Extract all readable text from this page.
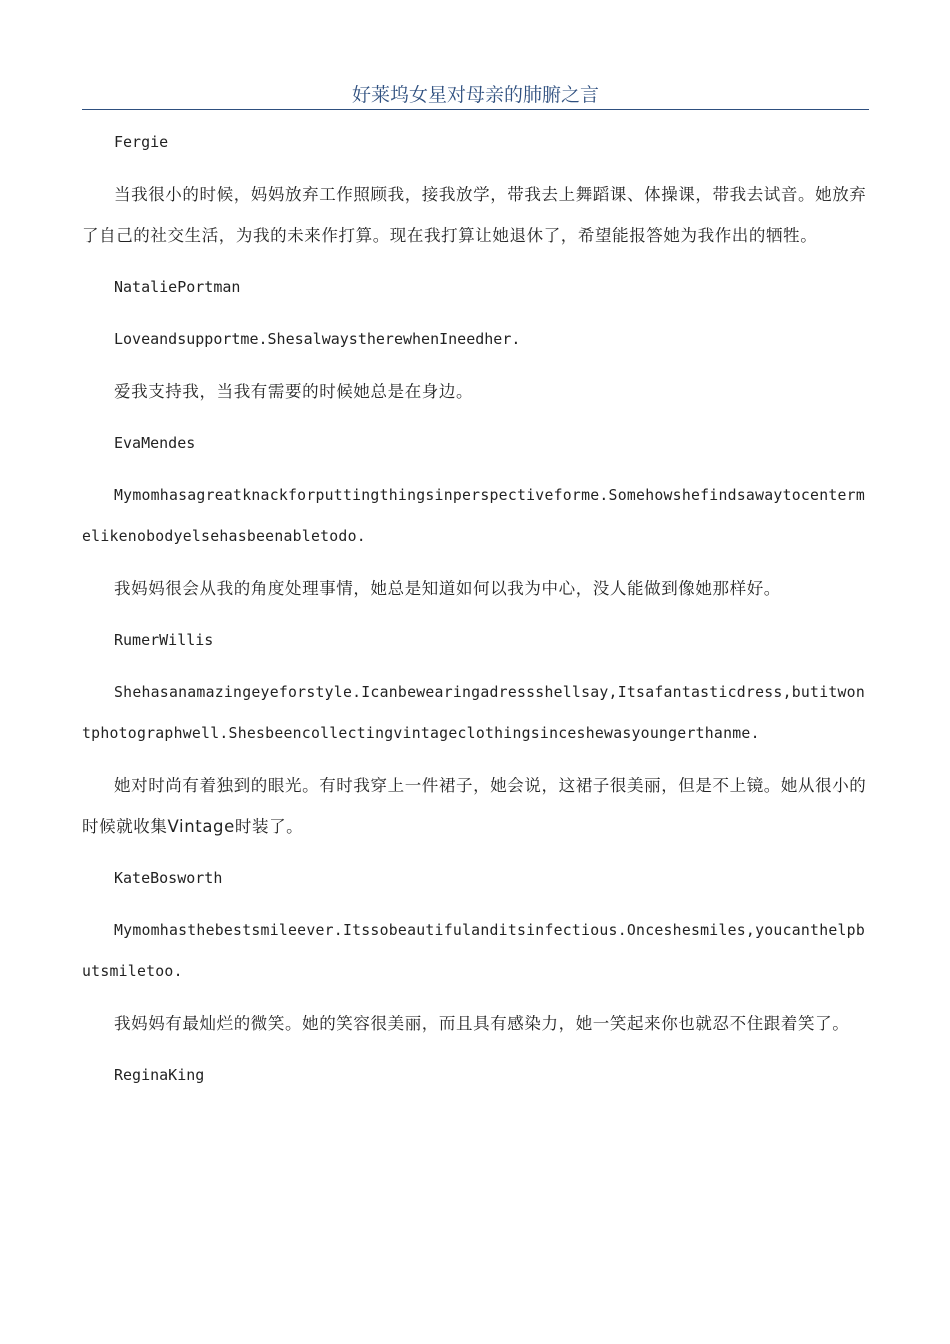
好莱坞女星对母亲的肺腑之言

Fergie

当我很小的时候，妈妈放弃工作照顾我，接我放学，带我去上舞蹈课、体操课，带我去试音。她放弃了自己的社交生活，为我的未来作打算。现在我打算让她退休了，希望能报答她为我作出的牺牲。

NataliePortman

Loveandsupportme.ShesalwaystherewhenIneedher.

爱我支持我，当我有需要的时候她总是在身边。

EvaMendes

Mymomhasagreatknackforputtingthingsinperspectiveforme.Somehowshefindsawaytocentermelikenobodyelsehasbeenabletodo.

我妈妈很会从我的角度处理事情，她总是知道如何以我为中心，没人能做到像她那样好。

RumerWillis

Shehasanamazingeyeforstyle.Icanbewearingadressshellsay,Itsafantasticdress,butitwontphotographwell.Shesbeencollectingvintageclothingsinceshewasyoungerthanme.

她对时尚有着独到的眼光。有时我穿上一件裙子，她会说，这裙子很美丽，但是不上镜。她从很小的时候就收集Vintage时装了。

KateBosworth

Mymomhasthebestsmileever.Itssobeautifulanditsinfectious.Onceshesmiles,youcanthelpbutsmiletoo.

我妈妈有最灿烂的微笑。她的笑容很美丽，而且具有感染力，她一笑起来你也就忍不住跟着笑了。

ReginaKing
